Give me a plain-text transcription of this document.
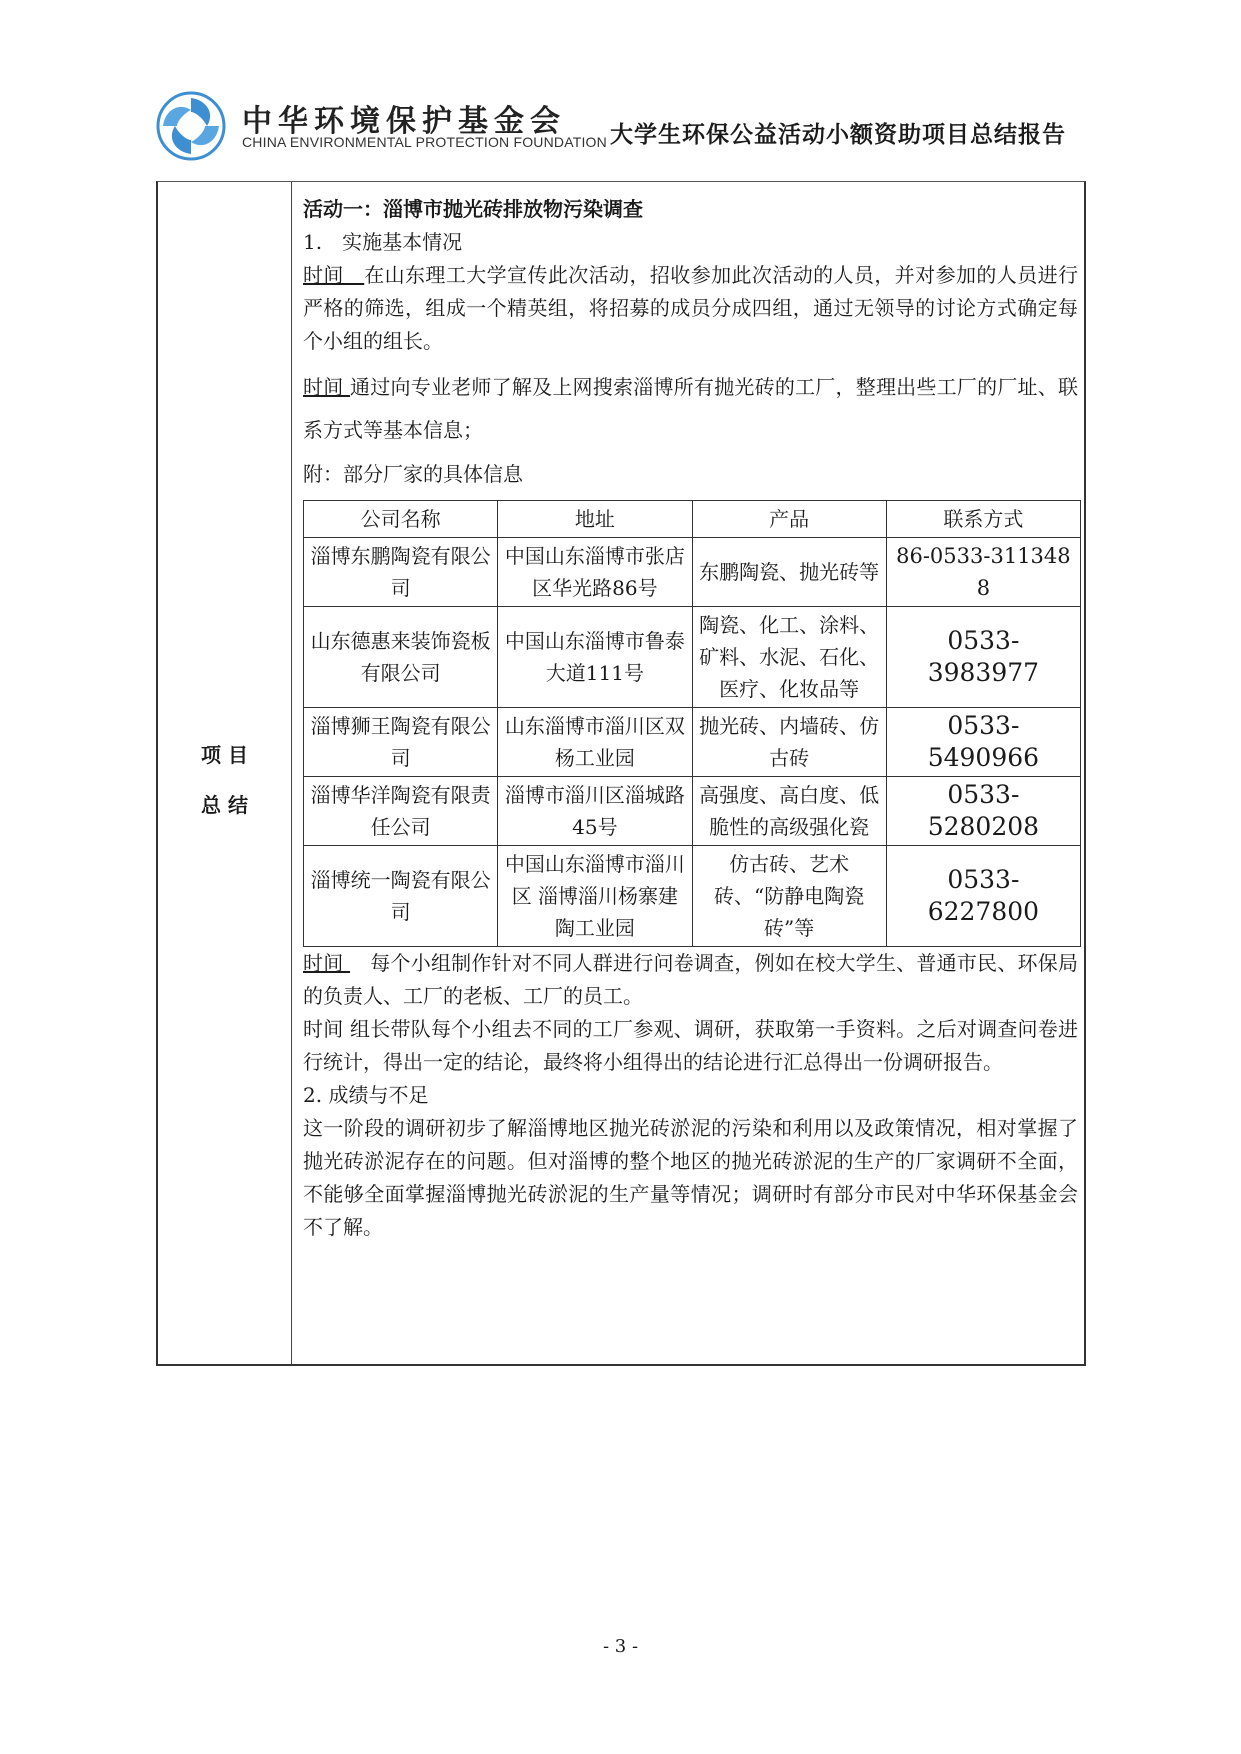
中华环境保护基金会
CHINA ENVIRONMENTAL PROTECTION FOUNDATION 大学生环保公益活动小额资助项目总结报告
项 目
总 结
活动一：淄博市抛光砖排放物污染调查

1.　实施基本情况

时间　在山东理工大学宣传此次活动，招收参加此次活动的人员，并对参加的人员进行严格的筛选，组成一个精英组，将招募的成员分成四组，通过无领导的讨论方式确定每个小组的组长。

时间 通过向专业老师了解及上网搜索淄博所有抛光砖的工厂，整理出些工厂的厂址、联系方式等基本信息；

附：部分厂家的具体信息

公司名称	地址	产品	联系方式
淄博东鹏陶瓷有限公司	中国山东淄博市张店区华光路86号	东鹏陶瓷、抛光砖等	86-0533-3113488
山东德惠来装饰瓷板有限公司	中国山东淄博市鲁泰大道111号	陶瓷、化工、涂料、矿料、水泥、石化、医疗、化妆品等	0533-3983977
淄博狮王陶瓷有限公司	山东淄博市淄川区双杨工业园	抛光砖、内墙砖、仿古砖	0533-5490966
淄博华洋陶瓷有限责任公司	淄博市淄川区淄城路45号	高强度、高白度、低脆性的高级强化瓷	0533-5280208
淄博统一陶瓷有限公司	中国山东淄博市淄川区 淄博淄川杨寨建陶工业园	仿古砖、艺术砖、“防静电陶瓷砖”等	0533-6227800

时间 　每个小组制作针对不同人群进行问卷调查，例如在校大学生、普通市民、环保局的负责人、工厂的老板、工厂的员工。

时间 组长带队每个小组去不同的工厂参观、调研，获取第一手资料。之后对调查问卷进行统计，得出一定的结论，最终将小组得出的结论进行汇总得出一份调研报告。

2. 成绩与不足

这一阶段的调研初步了解淄博地区抛光砖淤泥的污染和利用以及政策情况，相对掌握了抛光砖淤泥存在的问题。但对淄博的整个地区的抛光砖淤泥的生产的厂家调研不全面，不能够全面掌握淄博抛光砖淤泥的生产量等情况；调研时有部分市民对中华环保基金会不了解。

- 3 -
